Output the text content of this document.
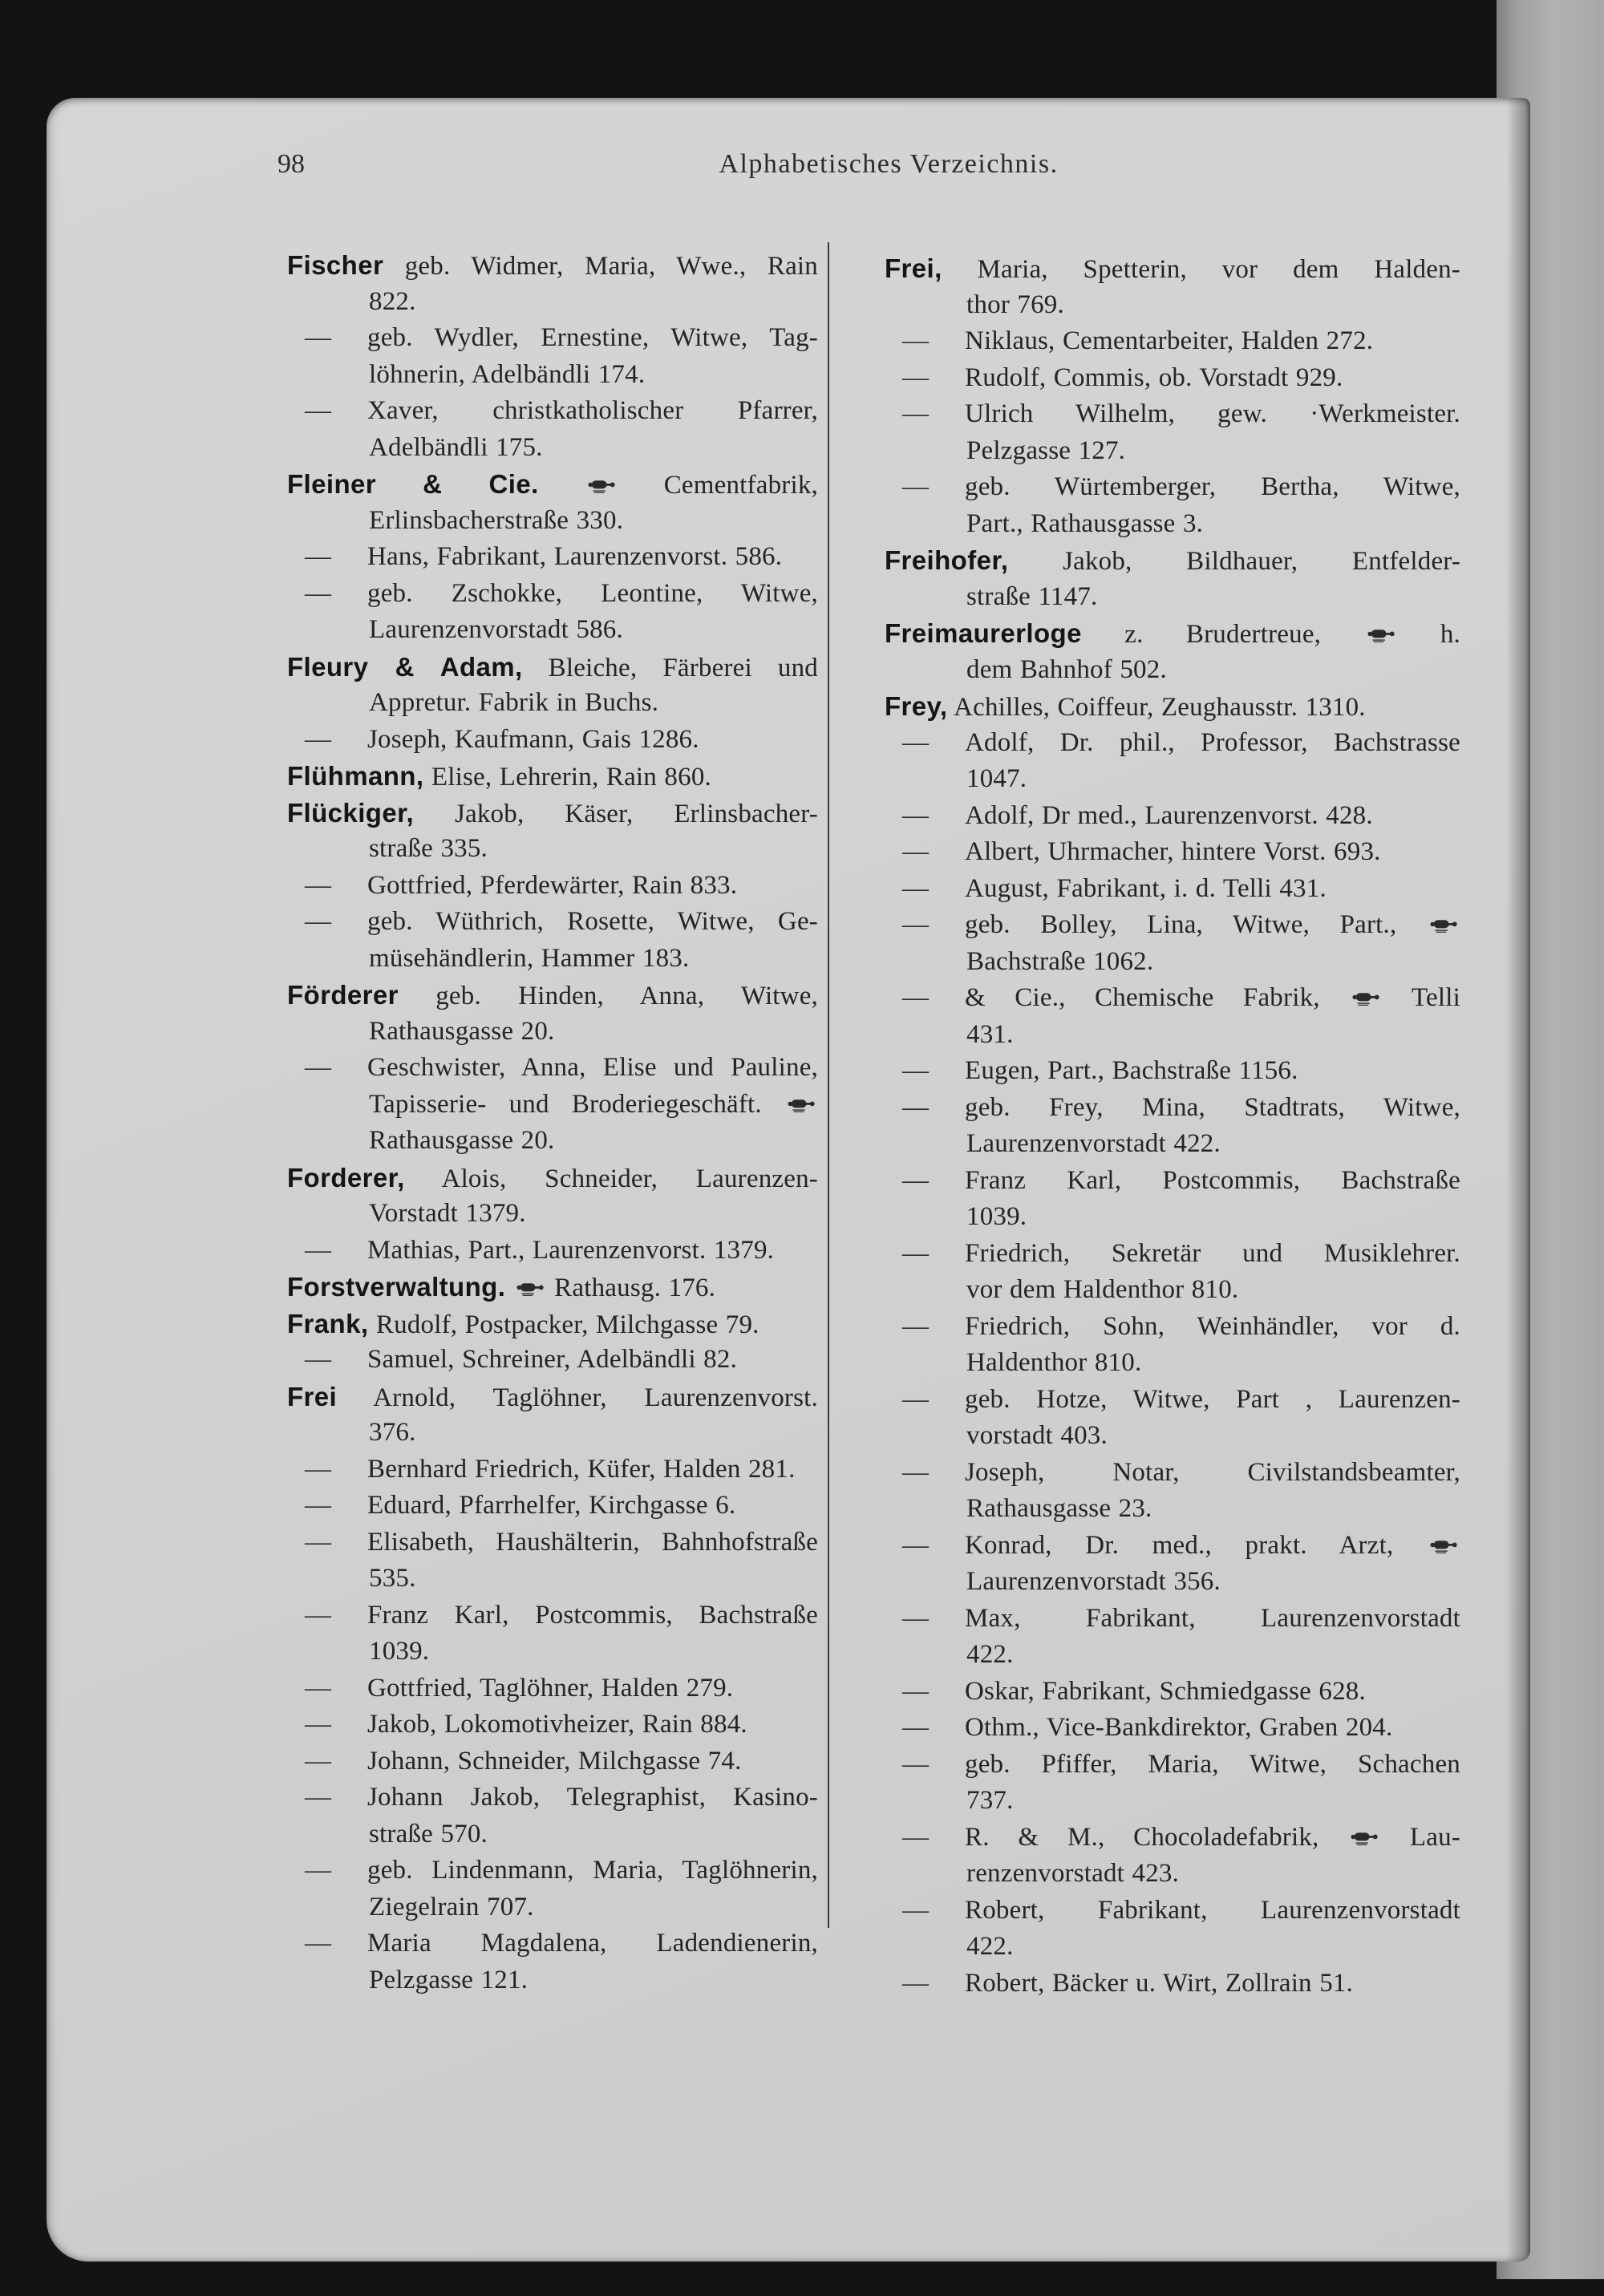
98	Alphabetisches Verzeichnis.
Fischer geb. Widmer, Maria, Wwe., Rain
822.
— geb. Wydler, Ernestine, Witwe, Tag-
löhnerin, Adelbändli 174.
— Xaver, christkatholischer Pfarrer,
Adelbändli 175.
Fleiner & Cie.	Cementfabrik,
Erlinsbacherstraße 330.
— Hans, Fabrikant, Laurenzenvorst. 586.
— geb. Zschokke, Leontine, Witwe,
Laurenzenvorstadt 586.
Fleury & Adam, Bleiche, Färberei und
Appretur. Fabrik in Buchs.
— Joseph, Kaufmann, Gais 1286.
Flühmann, Elise, Lehrerin, Rain 860.
Flückiger, Jakob, Käser, Erlinsbacher-
straße 335.
— Gottfried, Pferdewärter, Rain 833.
— geb. Wüthrich, Rosette, Witwe, Ge-
müsehändlerin, Hammer 183.
Förderer geb. Hinden, Anna, Witwe,
Rathausgasse 20.
— Geschwister, Anna, Elise und Pauline,
Tapisserie- und Broderiegeschäft.
Rathausgasse 20.
Forderer, Alois, Schneider, Laurenzen-
Vorstadt 1379.
— Mathias, Part., Laurenzenvorst. 1379.
Forstverwaltung.  Rathausg. 176.
Frank, Rudolf, Postpacker, Milchgasse 79.
— Samuel, Schreiner, Adelbändli 82.
Frei Arnold, Taglöhner, Laurenzenvorst.
376.
— Bernhard Friedrich, Küfer, Halden 281.
— Eduard, Pfarrhelfer, Kirchgasse 6.
— Elisabeth, Haushälterin, Bahnhofstraße
535.
— Franz Karl, Postcommis, Bachstraße
1039.
— Gottfried, Taglöhner, Halden 279.
— Jakob, Lokomotivheizer, Rain 884.
— Johann, Schneider, Milchgasse 74.
— Johann Jakob, Telegraphist, Kasino-
straße 570.
— geb. Lindenmann, Maria, Taglöhnerin,
Ziegelrain 707.
— Maria Magdalena, Ladendienerin,
Pelzgasse 121.
Frei, Maria, Spetterin, vor dem Halden-
thor 769.
— Niklaus, Cementarbeiter, Halden 272.
— Rudolf, Commis, ob. Vorstadt 929.
— Ulrich Wilhelm, gew. ·Werkmeister.
Pelzgasse 127.
— geb. Würtemberger, Bertha, Witwe,
Part., Rathausgasse 3.
Freihofer, Jakob, Bildhauer, Entfelder-
straße 1147.
Freimaurerloge z. Brudertreue,  h.
dem Bahnhof 502.
Frey, Achilles, Coiffeur, Zeughausstr. 1310.
— Adolf, Dr. phil., Professor, Bachstrasse
1047.
— Adolf, Dr med., Laurenzenvorst. 428.
— Albert, Uhrmacher, hintere Vorst. 693.
— August, Fabrikant, i. d. Telli 431.
— geb. Bolley, Lina, Witwe, Part.,
Bachstraße 1062.
— & Cie., Chemische Fabrik,  Telli
431.
— Eugen, Part., Bachstraße 1156.
— geb. Frey, Mina, Stadtrats, Witwe,
Laurenzenvorstadt 422.
— Franz Karl, Postcommis, Bachstraße
1039.
— Friedrich, Sekretär und Musiklehrer.
vor dem Haldenthor 810.
— Friedrich, Sohn, Weinhändler, vor d.
Haldenthor 810.
— geb. Hotze, Witwe, Part , Laurenzen-
vorstadt 403.
— Joseph, Notar, Civilstandsbeamter,
Rathausgasse 23.
— Konrad, Dr. med., prakt. Arzt,
Laurenzenvorstadt 356.
— Max, Fabrikant, Laurenzenvorstadt
422.
— Oskar, Fabrikant, Schmiedgasse 628.
— Othm., Vice-Bankdirektor, Graben 204.
— geb. Pfiffer, Maria, Witwe, Schachen
737.
— R. & M., Chocoladefabrik,  Lau-
renzenvorstadt 423.
— Robert, Fabrikant, Laurenzenvorstadt
422.
— Robert, Bäcker u. Wirt, Zollrain 51.
